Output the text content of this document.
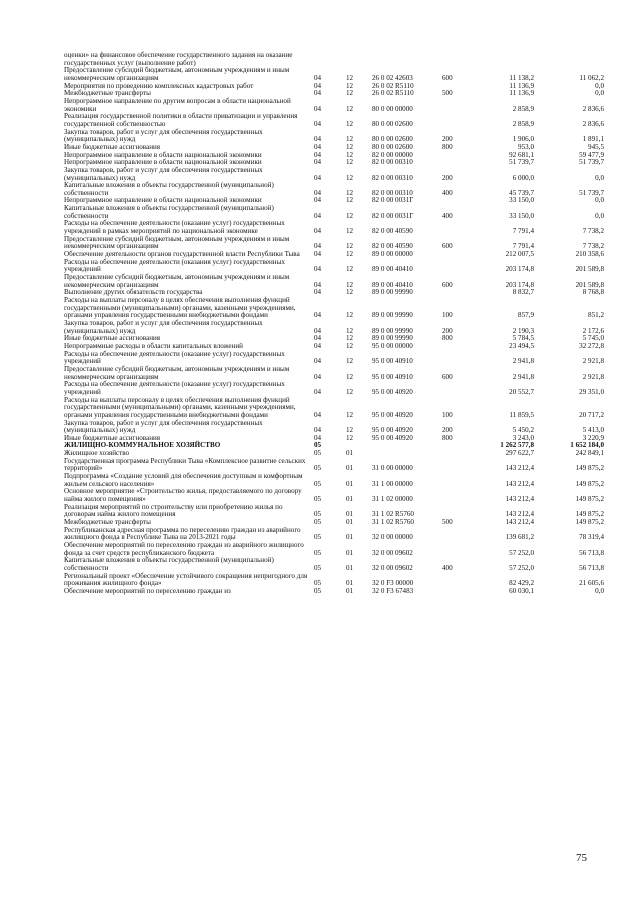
оценки» на финансовое обеспечение государственного задания на оказание государственных услуг (выполнение работ)						
Предоставление субсидий бюджетным, автономным учреждениям и иным некоммерческим организациям	04	12	26 0 02 42603	600	11 138,2	11 062,2
Мероприятия по проведению комплексных кадастровых работ	04	12	26 0 02 R5110		11 136,9	0,0
Межбюджетные трансферты	04	12	26 0 02 R5110	500	11 136,9	0,0
Непрограммное направление по другим вопросам в области национальной экономики	04	12	80 0 00 00000		2 858,9	2 836,6
Реализация государственной политики в области приватизации и управления государственной собственностью	04	12	80 0 00 02600		2 858,9	2 836,6
Закупка товаров, работ и услуг для обеспечения государственных (муниципальных) нужд	04	12	80 0 00 02600	200	1 906,0	1 891,1
Иные бюджетные ассигнования	04	12	80 0 00 02600	800	953,0	945,5
Непрограммное направление в области национальной экономики	04	12	82 0 00 00000		92 681,1	59 477,9
Непрограммное направление в области национальной экономики	04	12	82 0 00 00310		51 739,7	51 739,7
Закупка товаров, работ и услуг для обеспечения государственных (муниципальных) нужд	04	12	82 0 00 00310	200	6 000,0	0,0
Капитальные вложения в объекты государственной (муниципальной) собственности	04	12	82 0 00 00310	400	45 739,7	51 739,7
Непрограммное направление в области национальной экономики	04	12	82 0 00 0031Г		33 150,0	0,0
Капитальные вложения в объекты государственной (муниципальной) собственности	04	12	82 0 00 0031Г	400	33 150,0	0,0
Расходы на обеспечение деятельности (оказание услуг) государственных учреждений в рамках мероприятий по национальной экономике	04	12	82 0 00 40590		7 791,4	7 738,2
Предоставление субсидий бюджетным, автономным учреждениям и иным некоммерческим организациям	04	12	82 0 00 40590	600	7 791,4	7 738,2
Обеспечение деятельности органов государственной власти Республики Тыва	04	12	89 0 00 00000		212 007,5	210 358,6
Расходы на обеспечение деятельности (оказания услуг) государственных учреждений	04	12	89 0 00 40410		203 174,8	201 589,8
Предоставление субсидий бюджетным, автономным учреждениям и иным некоммерческим организациям	04	12	89 0 00 40410	600	203 174,8	201 589,8
Выполнение других обязательств государства	04	12	89 0 00 99990		8 832,7	8 768,8
Расходы на выплаты персоналу в целях обеспечения выполнения функций государственными (муниципальными) органами, казенными учреждениями, органами управления государственными внебюджетными фондами	04	12	89 0 00 99990	100	857,9	851,2
Закупка товаров, работ и услуг для обеспечения государственных (муниципальных) нужд	04	12	89 0 00 99990	200	2 190,3	2 172,6
Иные бюджетные ассигнования	04	12	89 0 00 99990	800	5 784,5	5 745,0
Непрограммные расходы в области капитальных вложений	04	12	95 0 00 00000		23 494,5	32 272,8
Расходы на обеспечение деятельности (оказание услуг) государственных учреждений	04	12	95 0 00 40910		2 941,8	2 921,8
Предоставление субсидий бюджетным, автономным учреждениям и иным некоммерческим организациям	04	12	95 0 00 40910	600	2 941,8	2 921,8
Расходы на обеспечение деятельности (оказание услуг) государственных учреждений	04	12	95 0 00 40920		20 552,7	29 351,0
Расходы на выплаты персоналу в целях обеспечения выполнения функций государственными (муниципальными) органами, казенными учреждениями, органами управления государственными внебюджетными фондами	04	12	95 0 00 40920	100	11 859,5	20 717,2
Закупка товаров, работ и услуг для обеспечения государственных (муниципальных) нужд	04	12	95 0 00 40920	200	5 450,2	5 413,0
Иные бюджетные ассигнования	04	12	95 0 00 40920	800	3 243,0	3 220,9
ЖИЛИЩНО-КОММУНАЛЬНОЕ ХОЗЯЙСТВО	05				1 262 577,8	1 652 184,0
Жилищное хозяйство	05	01			297 622,7	242 849,1
Государственная программа Республики Тыва «Комплексное развитие сельских территорий»	05	01	31 0 00 00000		143 212,4	149 875,2
Подпрограмма «Создание условий для обеспечения доступным и комфортным жильем сельского населения»	05	01	31 1 00 00000		143 212,4	149 875,2
Основное мероприятие «Строительство жилья, предоставляемого по договору найма жилого помещения»	05	01	31 1 02 00000		143 212,4	149 875,2
Реализация мероприятий по строительству или приобретению жилья по договорам найма жилого помещения	05	01	31 1 02 R5760		143 212,4	149 875,2
Межбюджетные трансферты	05	01	31 1 02 R5760	500	143 212,4	149 875,2
Республиканская адресная программа по переселению граждан из аварийного жилищного фонда в Республике Тыва на 2013-2021 годы	05	01	32 0 00 00000		139 681,2	78 319,4
Обеспечение мероприятий по переселению граждан из аварийного жилищного фонда за счет средств республиканского бюджета	05	01	32 0 00 09602		57 252,0	56 713,8
Капитальные вложения в объекты государственной (муниципальной) собственности	05	01	32 0 00 09602	400	57 252,0	56 713,8
Региональный проект «Обеспечение устойчивого сокращения непригодного для проживания жилищного фонда»	05	01	32 0 F3 00000		82 429,2	21 605,6
Обеспечение мероприятий по переселению граждан из	05	01	32 0 F3 67483		60 030,1	0,0
75
